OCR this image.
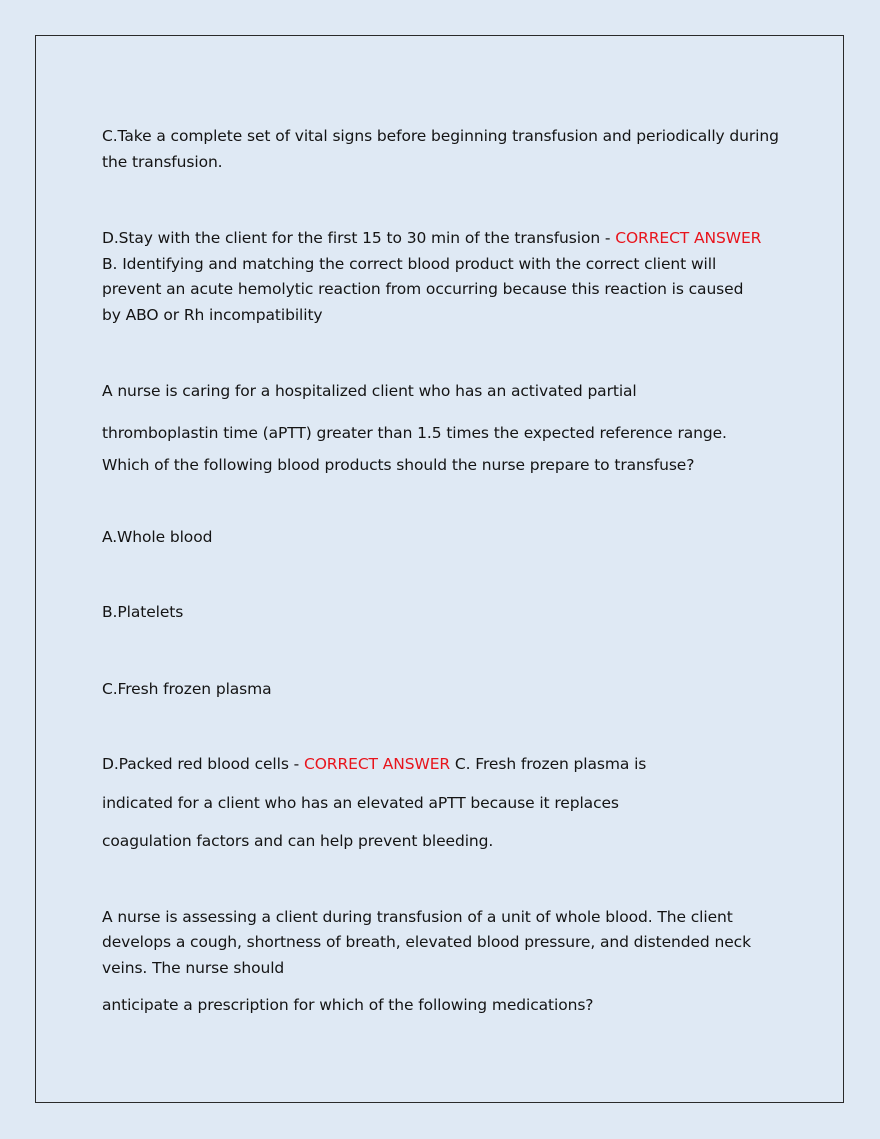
C.Take a complete set of vital signs before beginning transfusion and periodically during the transfusion.

D.Stay with the client for the first 15 to 30 min of the transfusion - CORRECT ANSWER B. Identifying and matching the correct blood product with the correct client will prevent an acute hemolytic reaction from occurring because this reaction is caused by ABO or Rh incompatibility

A nurse is caring for a hospitalized client who has an activated partial

thromboplastin time (aPTT) greater than 1.5 times the expected reference range. Which of the following blood products should the nurse prepare to transfuse?

A.Whole blood

B.Platelets

C.Fresh frozen plasma

D.Packed red blood cells - CORRECT ANSWER C. Fresh frozen plasma is

indicated for a client who has an elevated aPTT because it replaces

coagulation factors and can help prevent bleeding.

A nurse is assessing a client during transfusion of a unit of whole blood. The client develops a cough, shortness of breath, elevated blood pressure, and distended neck veins. The nurse should

anticipate a prescription for which of the following medications?
